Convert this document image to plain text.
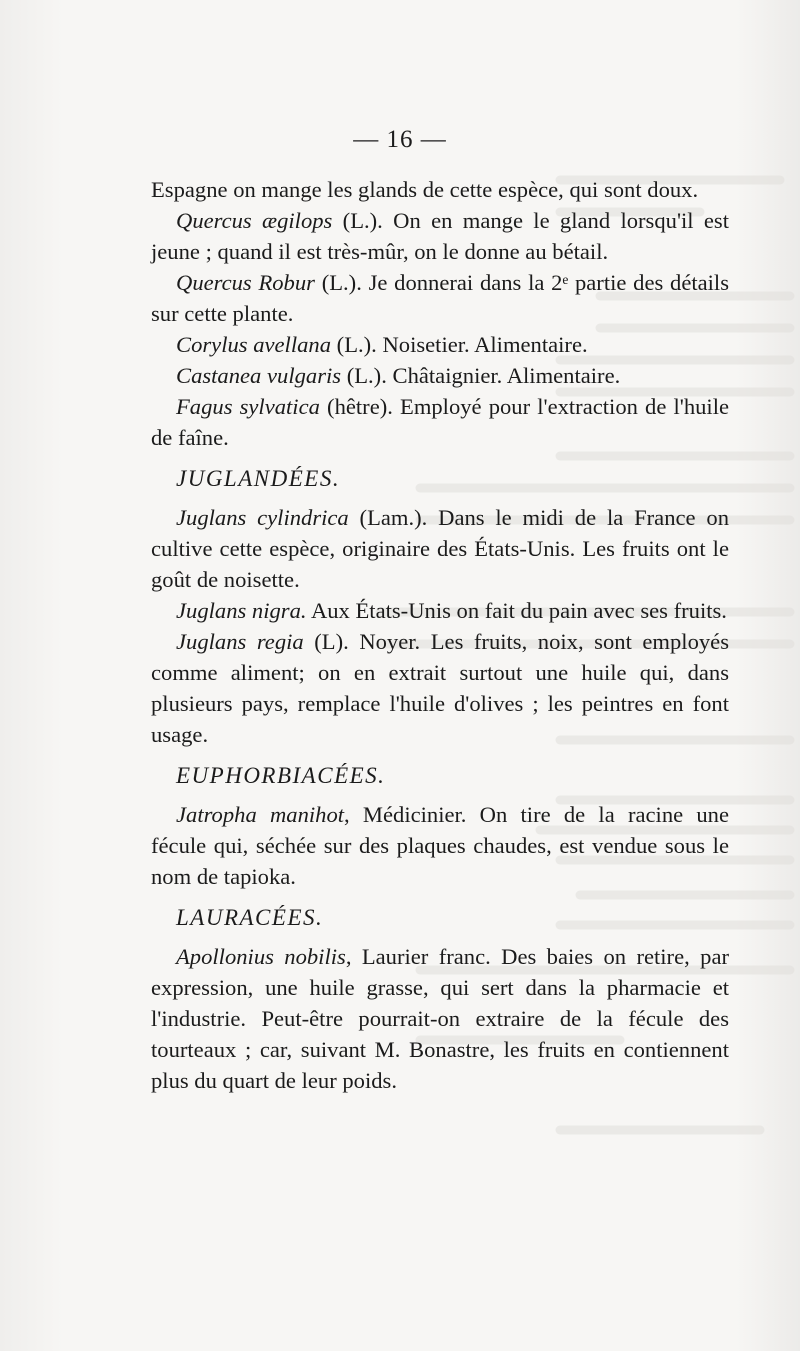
— 16 —

Espagne on mange les glands de cette espèce, qui sont doux.

Quercus ægilops (L.). On en mange le gland lorsqu'il est jeune ; quand il est très-mûr, on le donne au bétail.

Quercus Robur (L.). Je donnerai dans la 2ᵉ partie des détails sur cette plante.

Corylus avellana (L.). Noisetier. Alimentaire.

Castanea vulgaris (L.). Châtaignier. Alimentaire.

Fagus sylvatica (hêtre). Employé pour l'extraction de l'huile de faîne.

JUGLANDÉES.

Juglans cylindrica (Lam.). Dans le midi de la France on cultive cette espèce, originaire des États-Unis. Les fruits ont le goût de noisette.

Juglans nigra. Aux États-Unis on fait du pain avec ses fruits.

Juglans regia (L). Noyer. Les fruits, noix, sont employés comme aliment; on en extrait surtout une huile qui, dans plusieurs pays, remplace l'huile d'olives ; les peintres en font usage.

EUPHORBIACÉES.

Jatropha manihot, Médicinier. On tire de la racine une fécule qui, séchée sur des plaques chaudes, est vendue sous le nom de tapioka.

LAURACÉES.

Apollonius nobilis, Laurier franc. Des baies on retire, par expression, une huile grasse, qui sert dans la pharmacie et l'industrie. Peut-être pourrait-on extraire de la fécule des tourteaux ; car, suivant M. Bonastre, les fruits en contiennent plus du quart de leur poids.
